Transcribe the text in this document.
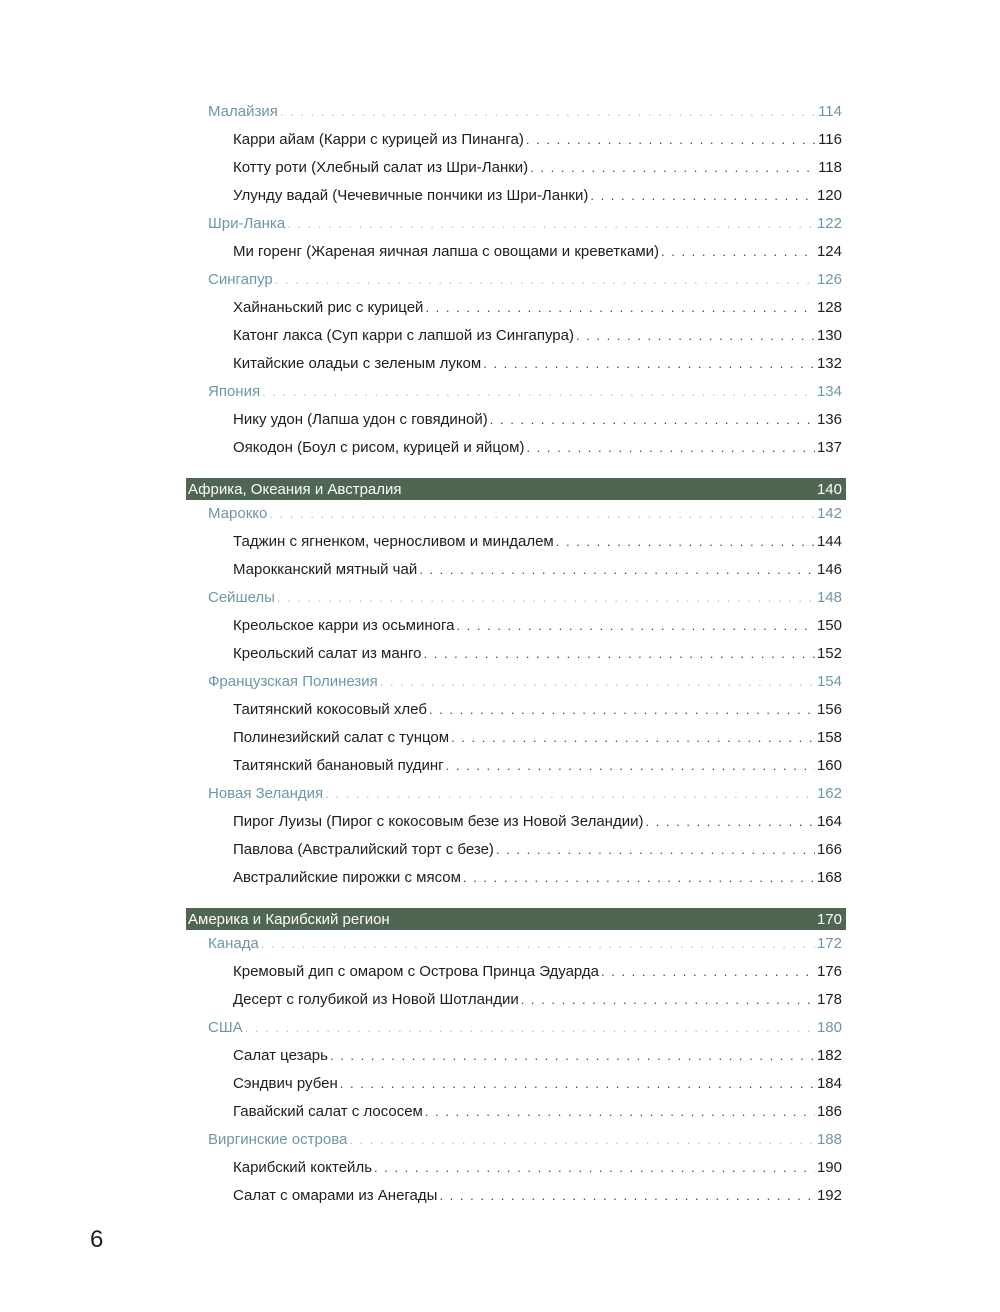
Малайзия . . .	114
Карри айам (Карри с курицей из Пинанга) . . .	116
Котту роти (Хлебный салат из Шри-Ланки) . . .	118
Улунду вадай (Чечевичные пончики из Шри-Ланки) . . .	120
Шри-Ланка . . .	122
Ми горенг (Жареная яичная лапша с овощами и креветками) . . .	124
Сингапур . . .	126
Хайнаньский рис с курицей . . .	128
Катонг лакса (Суп карри с лапшой из Сингапура) . . .	130
Китайские оладьи с зеленым луком . . .	132
Япония . . .	134
Нику удон (Лапша удон с говядиной) . . .	136
Оякодон (Боул с рисом, курицей и яйцом) . . .	137
Африка, Океания и Австралия	140
Марокко . . .	142
Таджин с ягненком, черносливом и миндалем . . .	144
Марокканский мятный чай . . .	146
Сейшелы . . .	148
Креольское карри из осьминога . . .	150
Креольский салат из манго . . .	152
Французская Полинезия . . .	154
Таитянский кокосовый хлеб . . .	156
Полинезийский салат с тунцом . . .	158
Таитянский банановый пудинг . . .	160
Новая Зеландия . . .	162
Пирог Луизы (Пирог с кокосовым безе из Новой Зеландии) . . .	164
Павлова (Австралийский торт с безе) . . .	166
Австралийские пирожки с мясом . . .	168
Америка и Карибский регион	170
Канада . . .	172
Кремовый дип с омаром с Острова Принца Эдуарда . . .	176
Десерт с голубикой из Новой Шотландии . . .	178
США . . .	180
Салат цезарь . . .	182
Сэндвич рубен . . .	184
Гавайский салат с лососем . . .	186
Виргинские острова . . .	188
Карибский коктейль . . .	190
Салат с омарами из Анегады . . .	192
6
